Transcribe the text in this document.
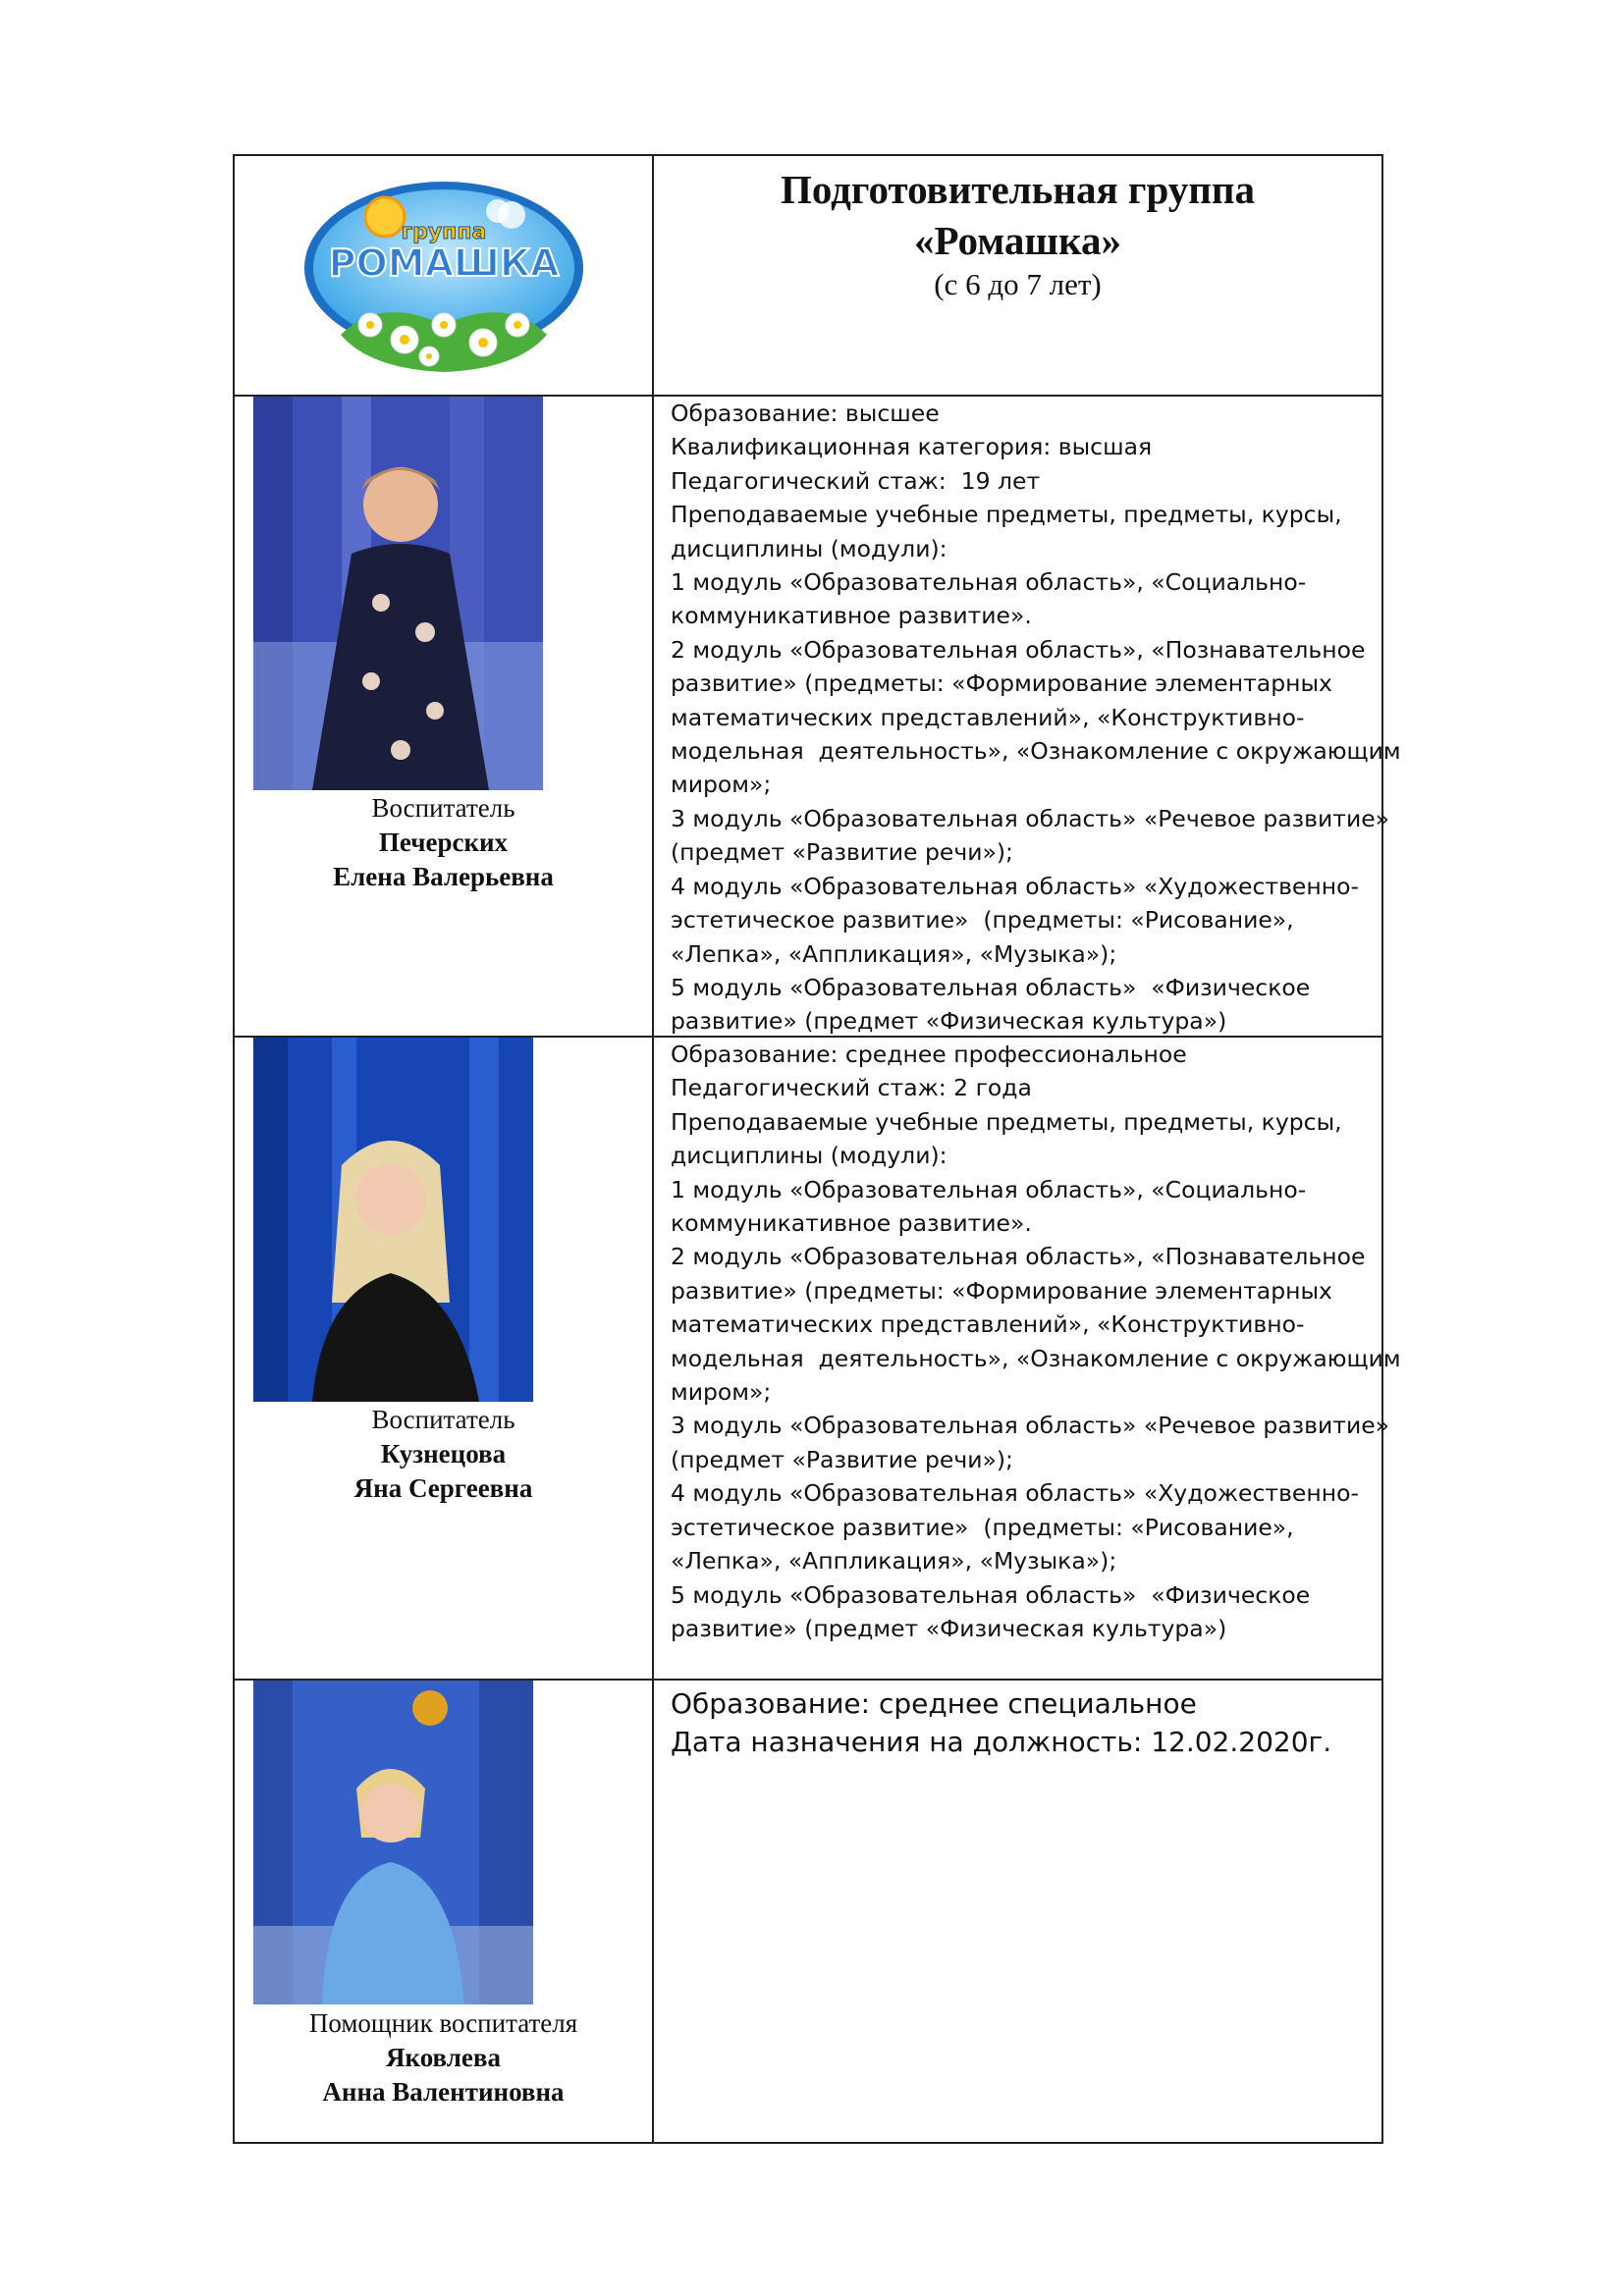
группа
РОМАШКА
Подготовительная группа
«Ромашка»
(с 6 до 7 лет)
Воспитатель
Печерских
Елена Валерьевна
Образование: высшее
Квалификационная категория: высшая
Педагогический стаж:  19 лет
Преподаваемые учебные предметы, предметы, курсы,
дисциплины (модули):
1 модуль «Образовательная область», «Социально-
коммуникативное развитие».
2 модуль «Образовательная область», «Познавательное
развитие» (предметы: «Формирование элементарных
математических представлений», «Конструктивно-
модельная  деятельность», «Ознакомление с окружающим
миром»;
3 модуль «Образовательная область» «Речевое развитие»
(предмет «Развитие речи»);
4 модуль «Образовательная область» «Художественно-
эстетическое развитие»  (предметы: «Рисование»,
«Лепка», «Аппликация», «Музыка»);
5 модуль «Образовательная область»  «Физическое
развитие» (предмет «Физическая культура»)
Воспитатель
Кузнецова
Яна Сергеевна
Образование: среднее профессиональное
Педагогический стаж: 2 года
Преподаваемые учебные предметы, предметы, курсы,
дисциплины (модули):
1 модуль «Образовательная область», «Социально-
коммуникативное развитие».
2 модуль «Образовательная область», «Познавательное
развитие» (предметы: «Формирование элементарных
математических представлений», «Конструктивно-
модельная  деятельность», «Ознакомление с окружающим
миром»;
3 модуль «Образовательная область» «Речевое развитие»
(предмет «Развитие речи»);
4 модуль «Образовательная область» «Художественно-
эстетическое развитие»  (предметы: «Рисование»,
«Лепка», «Аппликация», «Музыка»);
5 модуль «Образовательная область»  «Физическое
развитие» (предмет «Физическая культура»)
Помощник воспитателя
Яковлева
Анна Валентиновна
Образование: среднее специальное
Дата назначения на должность: 12.02.2020г.
